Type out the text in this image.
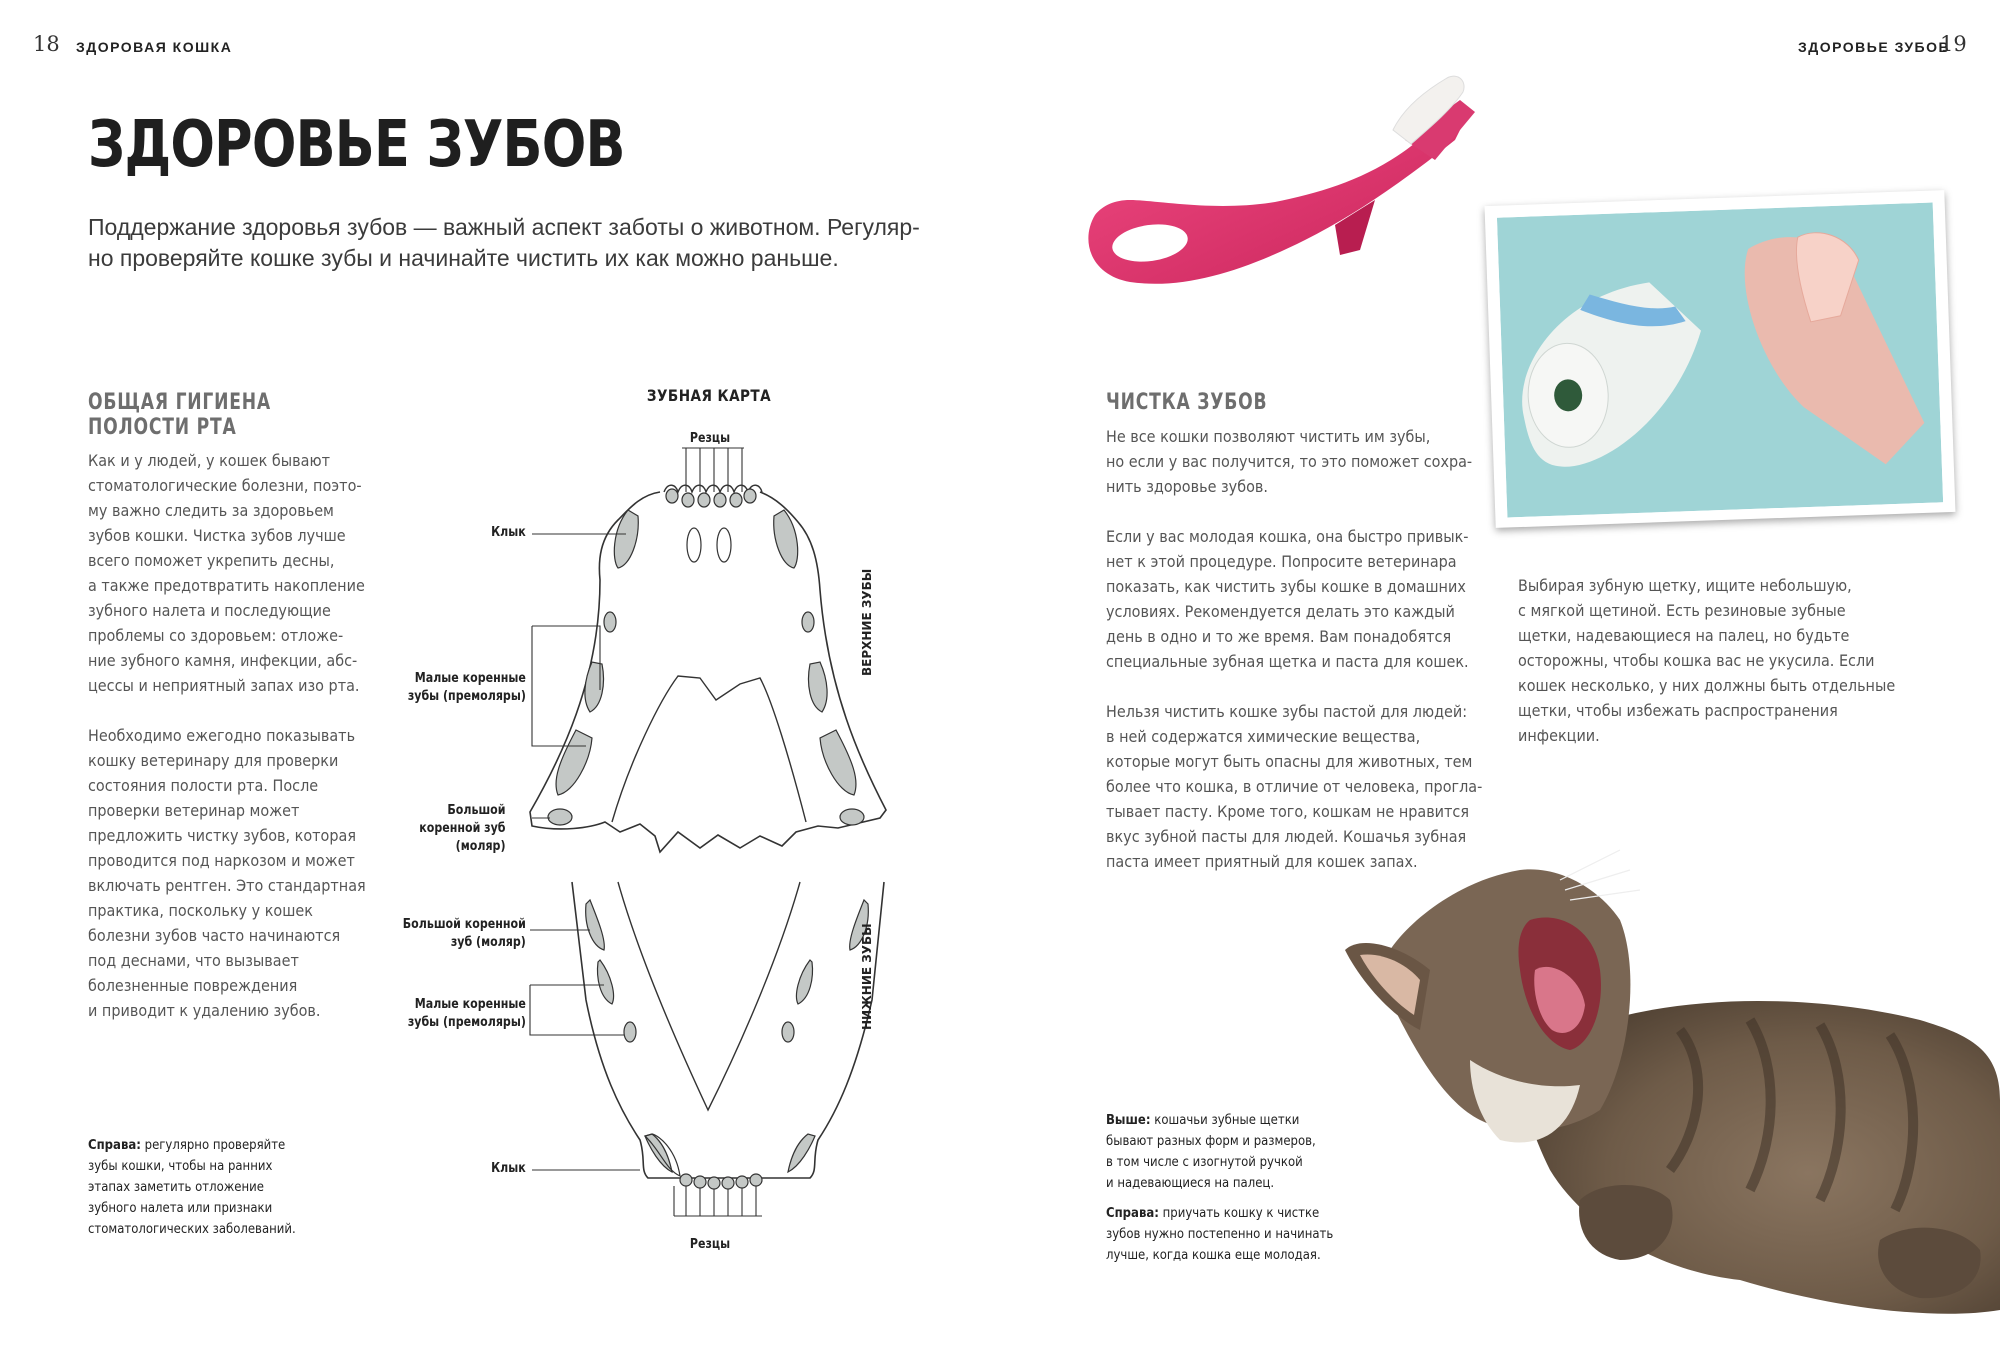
18 ЗДОРОВАЯ КОШКА	ЗДОРОВЬЕ ЗУБОВ
19
ЗДОРОВЬЕ ЗУБОВ
Поддержание здоровья зубов — важный аспект заботы о животном. Регуляр-
но проверяйте кошке зубы и начинайте чистить их как можно раньше.
ОБЩАЯ ГИГИЕНА
ПОЛОСТИ РТА
Как и у людей, у кошек бывают
стоматологические болезни, поэто-
му важно следить за здоровьем
зубов кошки. Чистка зубов лучше
всего поможет укрепить десны,
а также предотвратить накопление
зубного налета и последующие
проблемы со здоровьем: отложе-
ние зубного камня, инфекции, абс-
цессы и неприятный запах изо рта.
Необходимо ежегодно показывать
кошку ветеринару для проверки
состояния полости рта. После
проверки ветеринар может
предложить чистку зубов, которая
проводится под наркозом и может
включать рентген. Это стандартная
практика, поскольку у кошек
болезни зубов часто начинаются
под деснами, что вызывает
болезненные повреждения
и приводит к удалению зубов.
Справа: регулярно проверяйте
зубы кошки, чтобы на ранних
этапах заметить отложение
зубного налета или признаки
стоматологических заболеваний.
ЗУБНАЯ КАРТА
Резцы
Клык
Малые коренные
зубы (премоляры)
Большой
коренной зуб
(моляр)
ВЕРХНИЕ ЗУБЫ
Большой коренной
зуб (моляр)
Малые коренные
зубы (премоляры)	НИЖНИЕ ЗУБЫ
Клык
Резцы
ЧИСТКА ЗУБОВ
Не все кошки позволяют чистить им зубы,
но если у вас получится, то это поможет сохра-
нить здоровье зубов.
Если у вас молодая кошка, она быстро привык-
нет к этой процедуре. Попросите ветеринара
показать, как чистить зубы кошке в домашних
условиях. Рекомендуется делать это каждый
день в одно и то же время. Вам понадобятся
специальные зубная щетка и паста для кошек.
Нельзя чистить кошке зубы пастой для людей:
в ней содержатся химические вещества,
которые могут быть опасны для животных, тем
более что кошка, в отличие от человека, прогла-
тывает пасту. Кроме того, кошкам не нравится
вкус зубной пасты для людей. Кошачья зубная
паста имеет приятный для кошек запах.
Выбирая зубную щетку, ищите небольшую,
с мягкой щетиной. Есть резиновые зубные
щетки, надевающиеся на палец, но будьте
осторожны, чтобы кошка вас не укусила. Если
кошек несколько, у них должны быть отдельные
щетки, чтобы избежать распространения
инфекции.
Выше: кошачьи зубные щетки
бывают разных форм и размеров,
в том числе с изогнутой ручкой
и надевающиеся на палец.
Справа: приучать кошку к чистке
зубов нужно постепенно и начинать
лучше, когда кошка еще молодая.
